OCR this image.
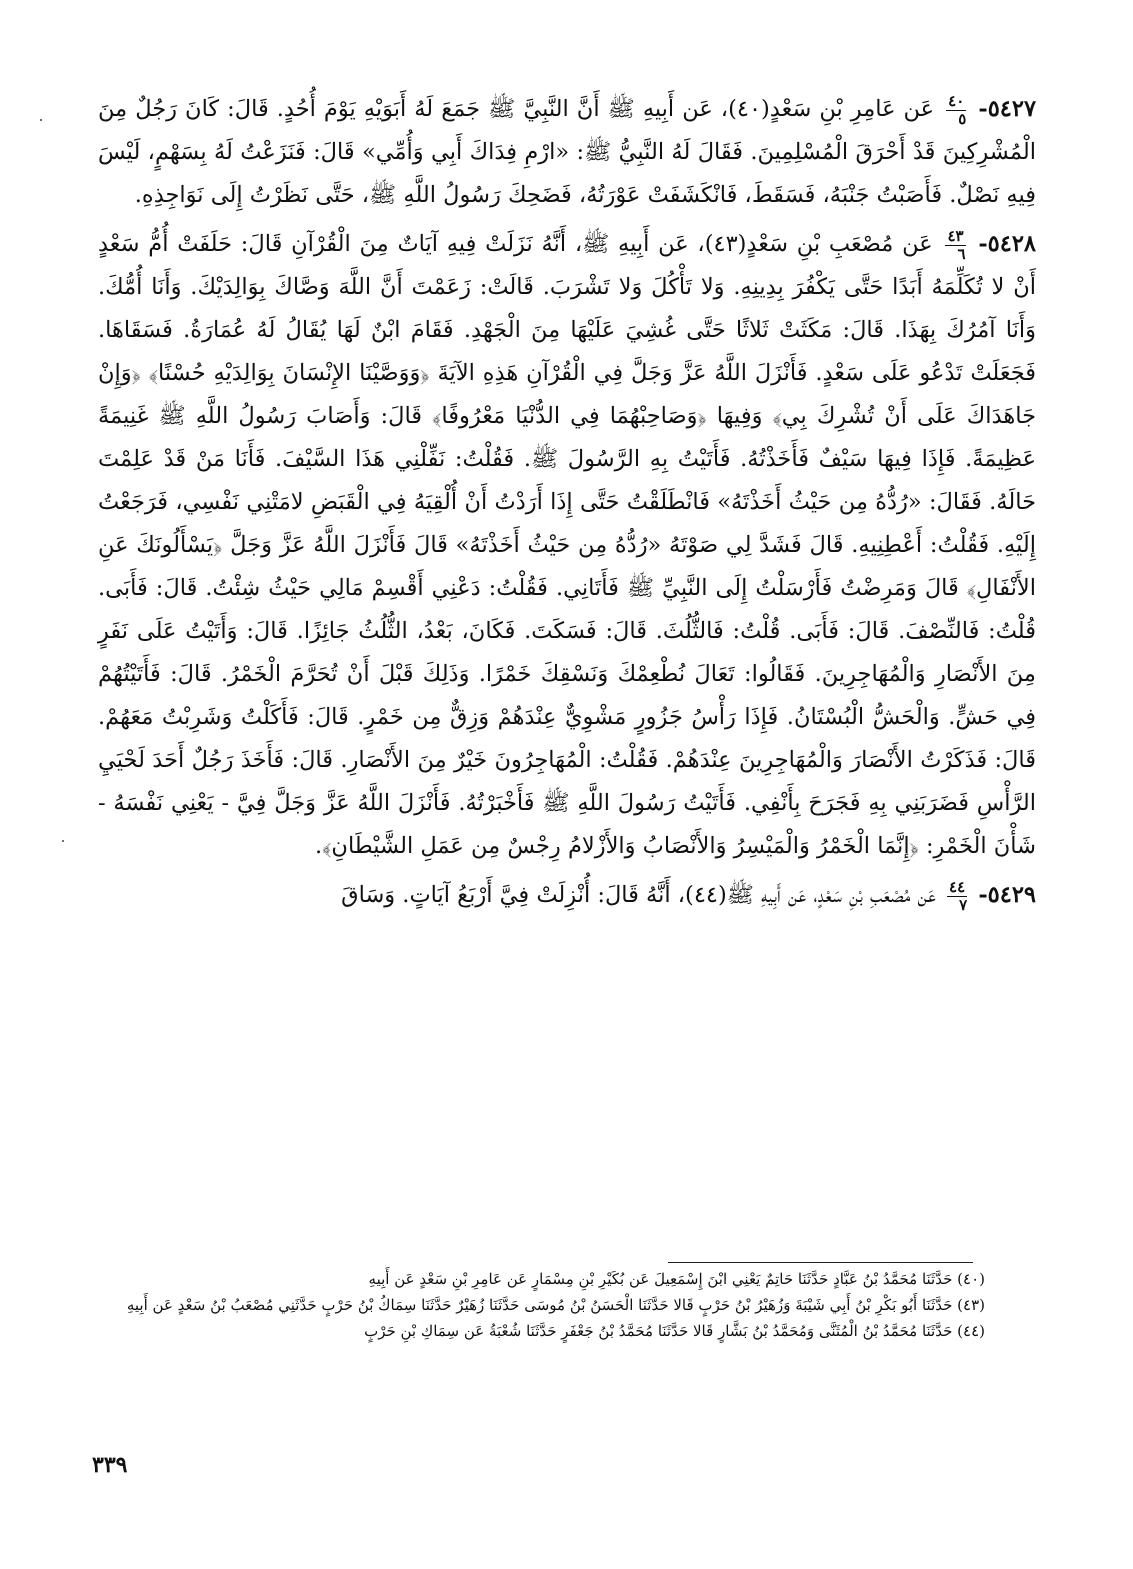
٥٤٢٧-
٤٠
٥
عَن عَامِرِ بْنِ سَعْدٍ(٤٠)، عَن أَبِيهِ ﷺ أَنَّ النَّبِيَّ ﷺ جَمَعَ لَهُ أَبَوَيْهِ يَوْمَ أُحُدٍ. قَالَ: كَانَ رَجُلٌ مِنَ الْمُشْرِكِينَ قَدْ أَحْرَقَ الْمُسْلِمِينَ. فَقَالَ لَهُ النَّبِيُّ ﷺ: «ارْمِ فِدَاكَ أَبِي وَأُمِّي» قَالَ: فَنَزَعْتُ لَهُ بِسَهْمٍ، لَيْسَ فِيهِ نَصْلٌ. فَأَصَبْتُ جَنْبَهُ، فَسَقَطَ، فَانْكَشَفَتْ عَوْرَتُهُ، فَضَحِكَ رَسُولُ اللَّهِ ﷺ، حَتَّى نَظَرْتُ إِلَى نَوَاجِذِهِ.

٥٤٢٨-
٤٣
٦
عَن مُصْعَبِ بْنِ سَعْدٍ(٤٣)، عَن أَبِيهِ ﷺ، أَنَّهُ نَزَلَتْ فِيهِ آيَاتٌ مِنَ الْقُرْآنِ قَالَ: حَلَفَتْ أُمُّ سَعْدٍ أَنْ لا تُكَلِّمَهُ أَبَدًا حَتَّى يَكْفُرَ بِدِينِهِ. وَلا تَأْكُلَ وَلا تَشْرَبَ. قَالَتْ: زَعَمْتَ أَنَّ اللَّهَ وَصَّاكَ بِوَالِدَيْكَ. وَأَنَا أُمُّكَ. وَأَنَا آمُرُكَ بِهَذَا. قَالَ: مَكَثَتْ ثَلاثًا حَتَّى غُشِيَ عَلَيْهَا مِنَ الْجَهْدِ. فَقَامَ ابْنٌ لَهَا يُقَالُ لَهُ عُمَارَةُ. فَسَقَاهَا. فَجَعَلَتْ تَدْعُو عَلَى سَعْدٍ. فَأَنْزَلَ اللَّهُ عَزَّ وَجَلَّ فِي الْقُرْآنِ هَذِهِ الآيَةَ ﴿وَوَصَّيْنَا الإِنْسَانَ بِوَالِدَيْهِ حُسْنًا﴾ ﴿وَإِنْ جَاهَدَاكَ عَلَى أَنْ تُشْرِكَ بِي﴾ وَفِيهَا ﴿وَصَاحِبْهُمَا فِي الدُّنْيَا مَعْرُوفًا﴾ قَالَ: وَأَصَابَ رَسُولُ اللَّهِ ﷺ غَنِيمَةً عَظِيمَةً. فَإِذَا فِيهَا سَيْفٌ فَأَخَذْتُهُ. فَأَتَيْتُ بِهِ الرَّسُولَ ﷺ. فَقُلْتُ: نَفِّلْنِي هَذَا السَّيْفَ. فَأَنَا مَنْ قَدْ عَلِمْتَ حَالَهُ. فَقَالَ: «رُدُّهُ مِن حَيْثُ أَخَذْتَهُ» فَانْطَلَقْتُ حَتَّى إِذَا أَرَدْتُ أَنْ أُلْقِيَهُ فِي الْقَبَضِ لامَتْنِي نَفْسِي، فَرَجَعْتُ إِلَيْهِ. فَقُلْتُ: أَعْطِنِيهِ. قَالَ فَشَدَّ لِي صَوْتَهُ «رُدُّهُ مِن حَيْثُ أَخَذْتَهُ» قَالَ فَأَنْزَلَ اللَّهُ عَزَّ وَجَلَّ ﴿يَسْأَلُونَكَ عَنِ الأَنْفَالِ﴾ قَالَ وَمَرِضْتُ فَأَرْسَلْتُ إِلَى النَّبِيِّ ﷺ فَأَتَانِي. فَقُلْتُ: دَعْنِي أَقْسِمْ مَالِي حَيْثُ شِئْتُ. قَالَ: فَأَبَى. قُلْتُ: فَالنِّصْفَ. قَالَ: فَأَبَى. قُلْتُ: فَالثُّلُثَ. قَالَ: فَسَكَتَ. فَكَانَ، بَعْدُ، الثُّلُثُ جَائِزًا. قَالَ: وَأَتَيْتُ عَلَى نَفَرٍ مِنَ الأَنْصَارِ وَالْمُهَاجِرِينَ. فَقَالُوا: تَعَالَ نُطْعِمْكَ وَنَسْقِكَ خَمْرًا. وَذَلِكَ قَبْلَ أَنْ تُحَرَّمَ الْخَمْرُ. قَالَ: فَأَتَيْتُهُمْ فِي حَشٍّ. وَالْحَشُّ الْبُسْتَانُ. فَإِذَا رَأْسُ جَزُورٍ مَشْوِيٌّ عِنْدَهُمْ وَزِقٌّ مِن خَمْرٍ. قَالَ: فَأَكَلْتُ وَشَرِبْتُ مَعَهُمْ. قَالَ: فَذَكَرْتُ الأَنْصَارَ وَالْمُهَاجِرِينَ عِنْدَهُمْ. فَقُلْتُ: الْمُهَاجِرُونَ خَيْرٌ مِنَ الأَنْصَارِ. قَالَ: فَأَخَذَ رَجُلٌ أَحَدَ لَحْيَيِ الرَّأْسِ فَضَرَبَنِي بِهِ فَجَرَحَ بِأَنْفِي. فَأَتَيْتُ رَسُولَ اللَّهِ ﷺ فَأَخْبَرْتُهُ. فَأَنْزَلَ اللَّهُ عَزَّ وَجَلَّ فِيَّ - يَعْنِي نَفْسَهُ - شَأْنَ الْخَمْرِ: ﴿إِنَّمَا الْخَمْرُ وَالْمَيْسِرُ وَالأَنْصَابُ وَالأَزْلامُ رِجْسٌ مِن عَمَلِ الشَّيْطَانِ﴾.

٥٤٢٩-
٤٤
٧
عَن مُصْعَبِ بْنِ سَعْدٍ، عَن أَبِيهِ ﷺ(٤٤)، أَنَّهُ قَالَ: أُنْزِلَتْ فِيَّ أَرْبَعُ آيَاتٍ. وَسَاقَ

(٤٠) حَدَّثَنَا مُحَمَّدُ بْنُ عَبَّادٍ حَدَّثَنَا حَاتِمٌ يَعْنِي ابْنَ إِسْمَعِيلَ عَن بُكَيْرِ بْنِ مِسْمَارٍ عَن عَامِرِ بْنِ سَعْدٍ عَن أَبِيهِ

(٤٣) حَدَّثَنَا أَبُو بَكْرِ بْنُ أَبِي شَيْبَةَ وَزُهَيْرُ بْنُ حَرْبٍ قَالا حَدَّثَنَا الْحَسَنُ بْنُ مُوسَى حَدَّثَنَا زُهَيْرٌ حَدَّثَنَا سِمَاكُ بْنُ حَرْبٍ حَدَّثَنِي مُصْعَبُ بْنُ سَعْدٍ عَن أَبِيهِ

(٤٤) حَدَّثَنَا مُحَمَّدُ بْنُ الْمُثَنَّى وَمُحَمَّدُ بْنُ بَشَّارٍ قَالا حَدَّثَنَا مُحَمَّدُ بْنُ جَعْفَرٍ حَدَّثَنَا شُعْبَةُ عَن سِمَاكِ بْنِ حَرْبٍ

٣٣٩
